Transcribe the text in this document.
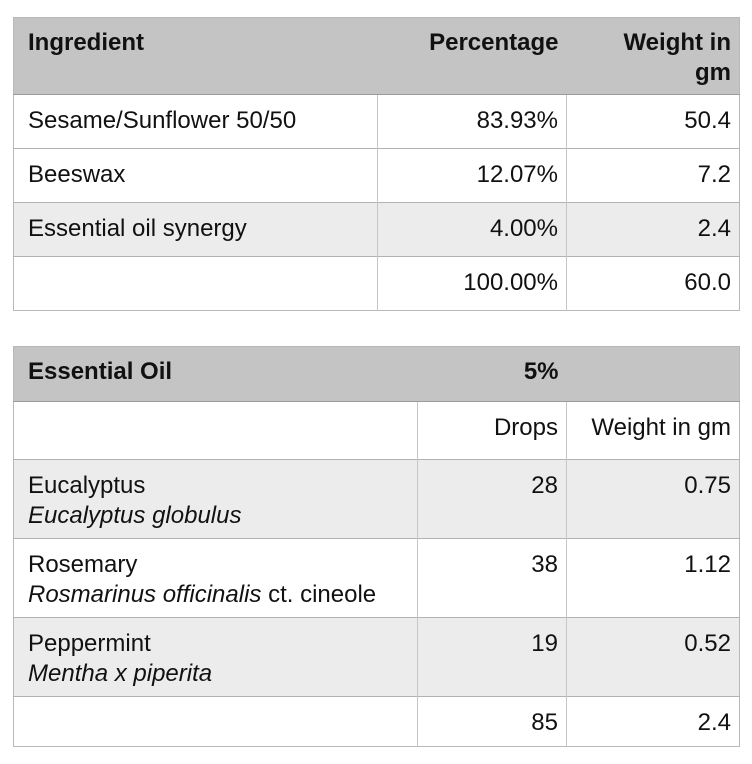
Ingredient	Percentage	Weight in gm
Sesame/Sunflower 50/50	83.93%	50.4
Beeswax	12.07%	7.2
Essential oil synergy	4.00%	2.4
	100.00%	60.0
Essential Oil	5%	
	Drops	Weight in gm

Eucalyptus
Eucalyptus globulus	28	0.75

Rosemary
Rosmarinus officinalis ct. cineole	38	1.12

Peppermint
Mentha x piperita	19	0.52
	85	2.4
